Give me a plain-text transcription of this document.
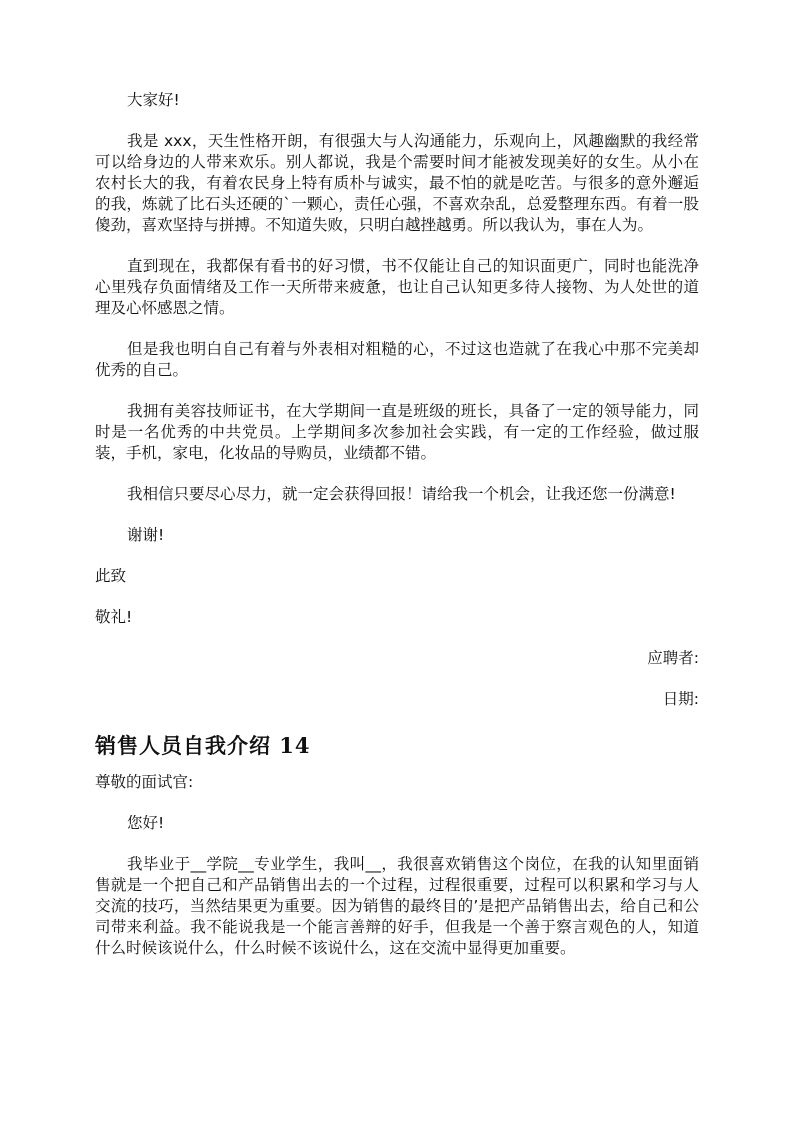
大家好!

我是 xxx，天生性格开朗，有很强大与人沟通能力，乐观向上，风趣幽默的我经常可以给身边的人带来欢乐。别人都说，我是个需要时间才能被发现美好的女生。从小在农村长大的我，有着农民身上特有质朴与诚实，最不怕的就是吃苦。与很多的意外邂逅的我，炼就了比石头还硬的`一颗心，责任心强，不喜欢杂乱，总爱整理东西。有着一股傻劲，喜欢坚持与拼搏。不知道失败，只明白越挫越勇。所以我认为，事在人为。

直到现在，我都保有看书的好习惯，书不仅能让自己的知识面更广，同时也能洗净心里残存负面情绪及工作一天所带来疲惫，也让自己认知更多待人接物、为人处世的道理及心怀感恩之情。

但是我也明白自己有着与外表相对粗糙的心，不过这也造就了在我心中那不完美却优秀的自己。

我拥有美容技师证书，在大学期间一直是班级的班长，具备了一定的领导能力，同时是一名优秀的中共党员。上学期间多次参加社会实践，有一定的工作经验，做过服装，手机，家电，化妆品的导购员，业绩都不错。

我相信只要尽心尽力，就一定会获得回报！请给我一个机会，让我还您一份满意!

谢谢!

此致

敬礼!

应聘者:

日期:

销售人员自我介绍 14

尊敬的面试官:

您好!

我毕业于__学院__专业学生，我叫__，我很喜欢销售这个岗位，在我的认知里面销售就是一个把自己和产品销售出去的一个过程，过程很重要，过程可以积累和学习与人交流的技巧，当然结果更为重要。因为销售的最终目的’是把产品销售出去，给自己和公司带来利益。我不能说我是一个能言善辩的好手，但我是一个善于察言观色的人，知道什么时候该说什么，什么时候不该说什么，这在交流中显得更加重要。
